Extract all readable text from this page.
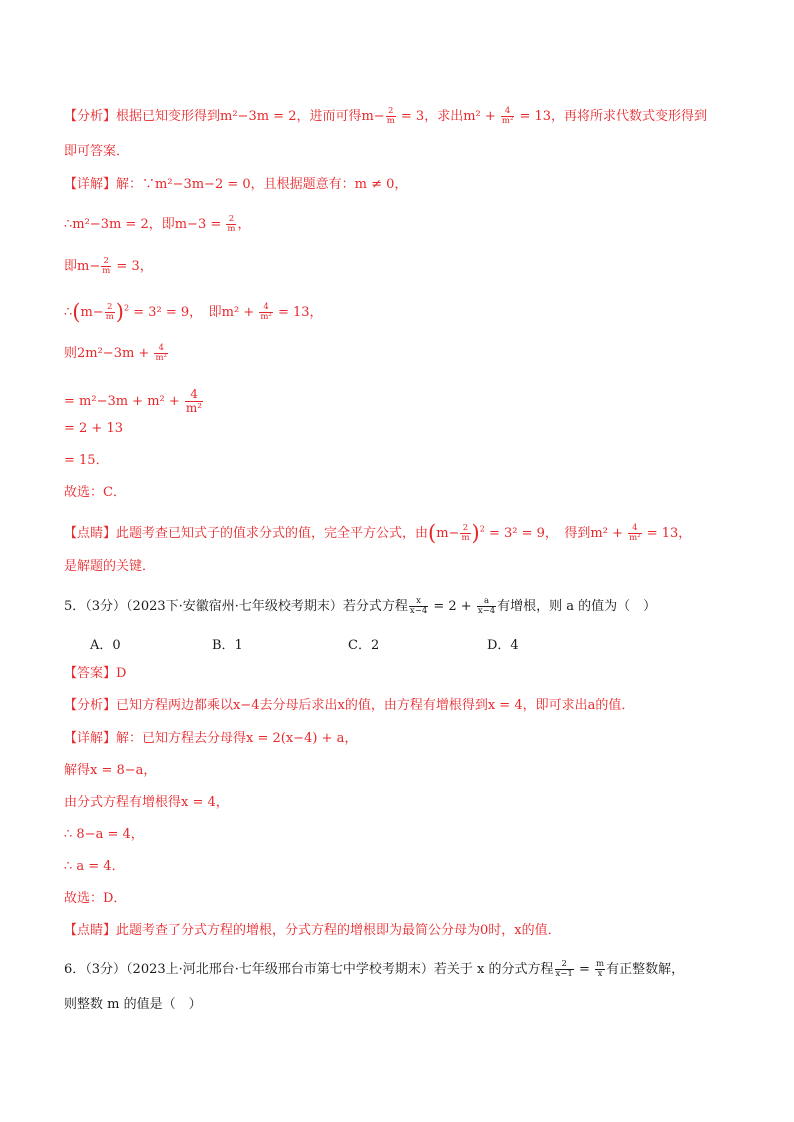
【分析】根据已知变形得到m²−3m = 2，进而可得$m- \frac{2}{m} = 3$，求出$m^2 + \frac{4}{\text{m²}} = 13$，再将所求代数式变形得到
即可答案．
【详解】解：∵m²−3m−2 = 0，且根据题意有：m ≠ 0，
∴m²−3m = 2，即$m-3 = \frac{2}{m}$ ，
即$m- \frac{2}{m} = 3$，
∴(m− $\frac{2}{m} )^2 = 3^2 = 9$，　即$m^2 + \frac{4}{\text{m²}} = 13$，
则$2m^2-3m + \frac{4}{\text{m²}}$
= $m^2-3m + m^2 + \frac{4}{\text{m²}}$
= 2 + 13
= 15．
故选：C．
【点睛】此题考查已知式子的值求分式的值，完全平方公式，由$(m- \frac{2}{m} )^2 = 3^2 = 9$，　得到$m^2 + \frac{4}{\text{m²}} = 13$，
是解题的关键．
5．（3分）（2023下·安徽宿州·七年级校考期末）若分式方程 $\frac{x}{x-4} = 2 + \frac{a}{x-4}$ 有增根，则 a 的值为（　）
A．0	B．1	C．2	D．4
【答案】D
【分析】已知方程两边都乘以x−4去分母后求出x的值，由方程有增根得到x = 4，即可求出a的值．
【详解】解：已知方程去分母得x = 2(x−4) + a，
解得x = 8−a，
由分式方程有增根得x = 4，
∴ 8−a = 4，
∴ a = 4．
故选：D．
【点睛】此题考查了分式方程的增根，分式方程的增根即为最简公分母为0时，x的值．
6．（3分）（2023上·河北邢台·七年级邢台市第七中学校考期末）若关于 x 的分式方程 $\frac{2}{x-1} = \frac{m}{x}$ 有正整数解，
则整数 m 的值是（　）
